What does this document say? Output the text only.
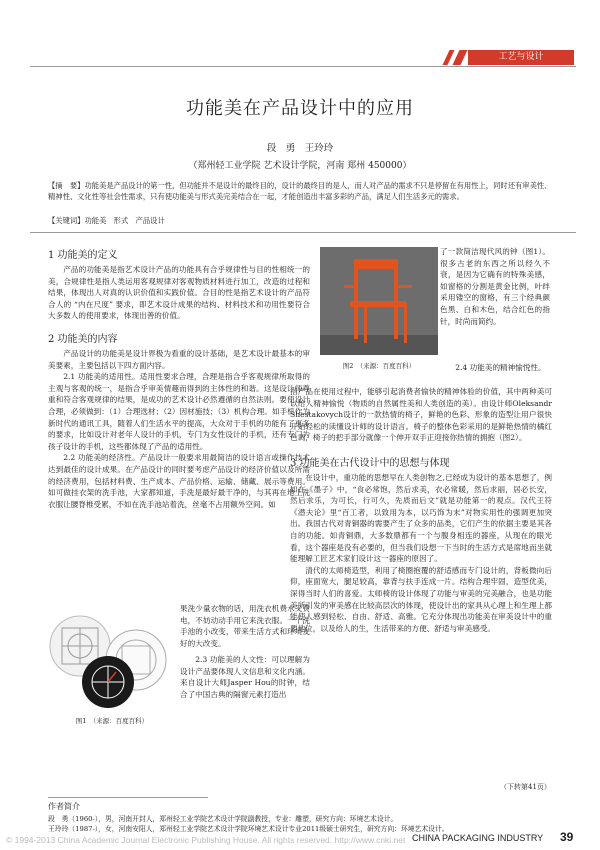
工艺与设计
功能美在产品设计中的应用
段　勇　王玲玲
（郑州轻工业学院 艺术设计学院，河南 郑州 450000）
【摘　要】功能美是产品设计的第一性，但功能并不是设计的最终目的，设计的最终目的是人，而人对产品的需求不只是停留在有用性上，同时还有审美性、精神性、文化性等社会性需求，只有使功能美与形式美完美结合在一起，才能创造出丰富多彩的产品，满足人们生活多元的需求。
【关键词】功能美　形式　产品设计
1 功能美的定义
产品的功能美是指艺术设计产品的功能具有合乎规律性与目的性相统一的美，合规律性是指人类运用客观规律对客观物质材料进行加工，改造的过程和结果，体现出人对真的认识价值和实践价值。合目的性是指艺术设计的产品符合人的 “内在尺度” 要求，即艺术设计成果的结构、材料技术和功用性要符合大多数人的使用要求，体现出善的价值。
2 功能美的内容
产品设计的功能美是设计界极为看重的设计基础，是艺术设计最基本的审美要素，主要包括以下四方面内容。
2.1 功能美的适用性。适用性要求合理，合理是指合乎客观规律所取得的主观与客观的统一，是指合乎审美情趣而得到的主体性的和谐。这是设计师尊重和符合客观规律的结果，是成功的艺术设计必然遵循的自然法则。要使设计合理，必须做到：（1）合理选材；（2）因材施技；（3）机构合理。如手机作为新时代的通讯工具，随着人们生活水平的提高，大众对于手机的功能有了更多的要求，比如设计对老年人设计的手机，专门为女性设计的手机，还有专门为孩子设计的手机，这些都体现了产品的适用性。
2.2 功能美的经济性。产品设计一般要求用最简洁的设计语言或操作技术达到最佳的设计成果。在产品设计的同时要考虑产品设计的经济价值以及所需的经济费用，包括材料费、生产成本、产品价格、运输、储藏、展示等费用。如可做挂衣架的洗手池，大家都知道，手洗是最好最干净的，与其再在地上洗衣服让腰脊椎受累，不如在洗手池站着洗，丝毫不占用额外空间。如
图1　（来源：百度百科）
果洗少量衣物的话，用洗衣机费水又费电，不妨动动手用它来洗衣服。一个洗手池的小改变，带来生活方式和环境友好的大改变。
2.3 功能美的人文性：可以理解为设计产品要体现人文信息和文化内涵。来自设计大师Jasper Hou的时钟，结合了中国古典的隔窗元素打造出
图2　（来源：百度百科）
了一款简洁现代风的钟（图1）。很多古老的东西之所以经久不衰，是因为它确有的特殊美感，如窗格的分割是黄金比例，叶绊采用镂空的窗格，有三个经典颜色黑、白和木色，结合红色的指针，时尚而简约。
2.4 功能美的精神愉悦性。
指产品在使用过程中，能够引起消费者愉快的精神体验的价值，其中两种美可以给人精神愉悦（物质的自然属性美和人类创造的美）。由设计师Oleksandr Shestakovych设计的一款热情的椅子，鲜艳的色彩、形象的造型让用户很快开始轻松的读懂设计师的设计语言。椅子的整体色彩采用的是鲜艳热情的橘红色调，椅子的把手部分就像一个伸开双手正迎接你热情的拥抱（图2）。
3 功能美在古代设计中的思想与体现
在设计中，重功能的思想早在人类创物之,已经成为设计的基本思想了，例如在《墨子》中，“食必常饱，然后求美，衣必常暖，然后求丽，居必长安，然后求乐，为可长，行可久，先质而后文”就是功能第一的观点。汉代王符《潜夫论》里“百工者，以致用为本，以巧饰为末”对物实用性的强调更加突出。我国古代对青铜器的需要产生了众多的品类，它们产生的依据主要是其各自的功能。如青铜鼎，大多数鼎都有一个与腹身相连的器座，从现在的眼光看，这个器座是没有必要的，但当我们设想一下当时的生活方式是席地而坐就能理解工匠艺术家们设计这一器座的原因了。
清代的太师椅造型，利用了椅圈抱覆的舒适感而专门设计的，背板微向后仰，座面宽大，腿足较高，靠背与扶手连成一片。结构合理牢固，造型优美，深得当时人们的喜爱。太师椅的设计体现了功能与审美的完美融合，也是功能美所引发的审美感在比较高层次的体现，使设计出的家具从心理上和生理上都能使人感到轻松、自由、舒适、高雅。它充分体现出功能美在审美设计中的重要地位，以及给人的生，生活带来的方便、舒适与审美感受。
（下转第41页）
作者简介
段　勇（1960-），男，河南开封人，郑州轻工业学院艺术设计学院副教授，专业：雕塑，研究方向：环境艺术设计。
王玲玲（1987-），女，河南安阳人，郑州轻工业学院艺术设计学院环境艺术设计专业2011级硕士研究生，研究方向：环境艺术设计。
© 1994-2013 China Academic Journal Electronic Publishing House. All rights reserved. http://www.cnki.net CHINA PACKAGING INDUSTRY 39
